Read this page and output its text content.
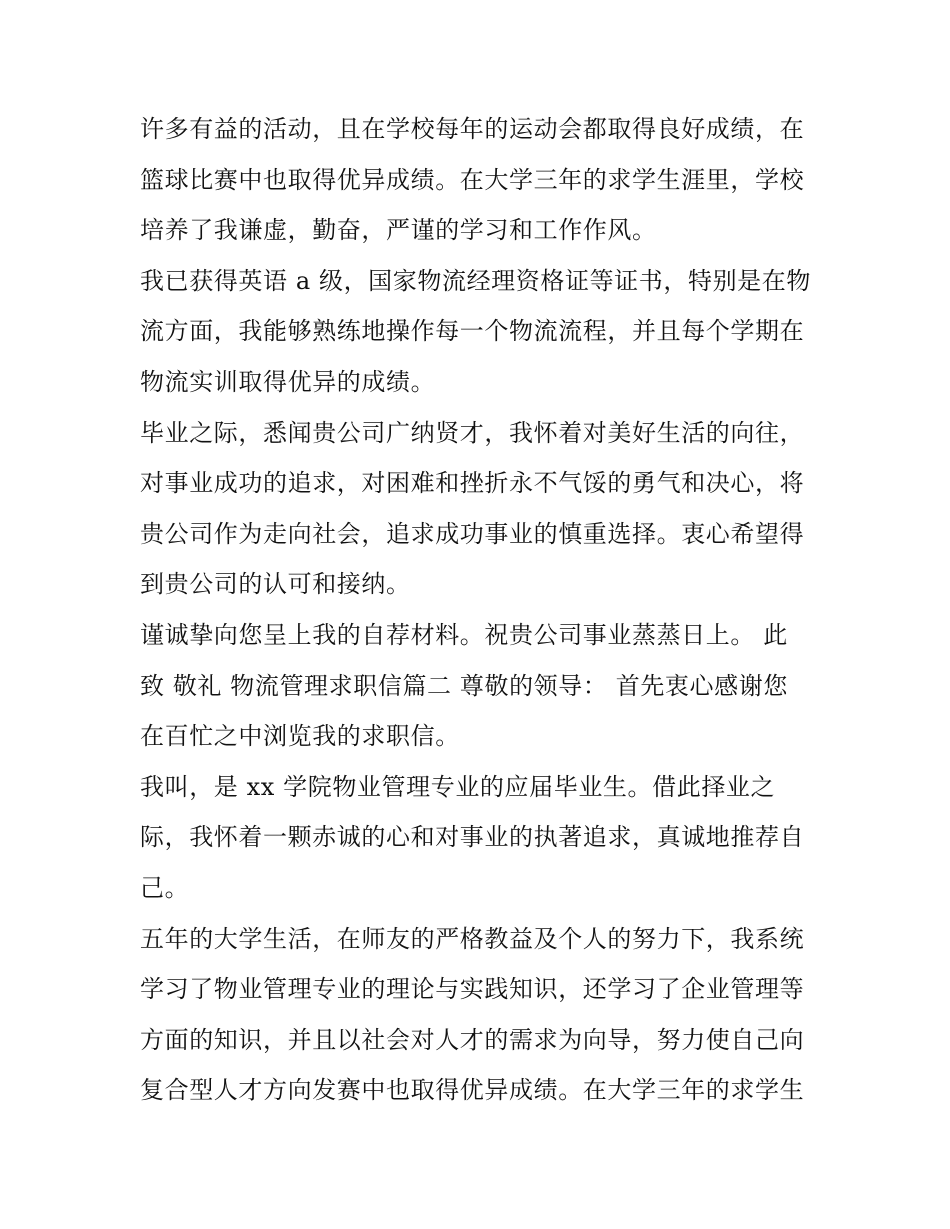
许多有益的活动，且在学校每年的运动会都取得良好成绩，在
篮球比赛中也取得优异成绩。在大学三年的求学生涯里，学校
培养了我谦虚，勤奋，严谨的学习和工作作风。
我已获得英语 a 级，国家物流经理资格证等证书，特别是在物
流方面，我能够熟练地操作每一个物流流程，并且每个学期在
物流实训取得优异的成绩。
毕业之际，悉闻贵公司广纳贤才，我怀着对美好生活的向往，
对事业成功的追求，对困难和挫折永不气馁的勇气和决心，将
贵公司作为走向社会，追求成功事业的慎重选择。衷心希望得
到贵公司的认可和接纳。
谨诚挚向您呈上我的自荐材料。祝贵公司事业蒸蒸日上。 此
致 敬礼 物流管理求职信篇二 尊敬的领导： 首先衷心感谢您
在百忙之中浏览我的求职信。
我叫，是 xx 学院物业管理专业的应届毕业生。借此择业之
际，我怀着一颗赤诚的心和对事业的执著追求，真诚地推荐自
己。
五年的大学生活，在师友的严格教益及个人的努力下，我系统
学习了物业管理专业的理论与实践知识，还学习了企业管理等
方面的知识，并且以社会对人才的需求为向导，努力使自己向
复合型人才方向发赛中也取得优异成绩。在大学三年的求学生
